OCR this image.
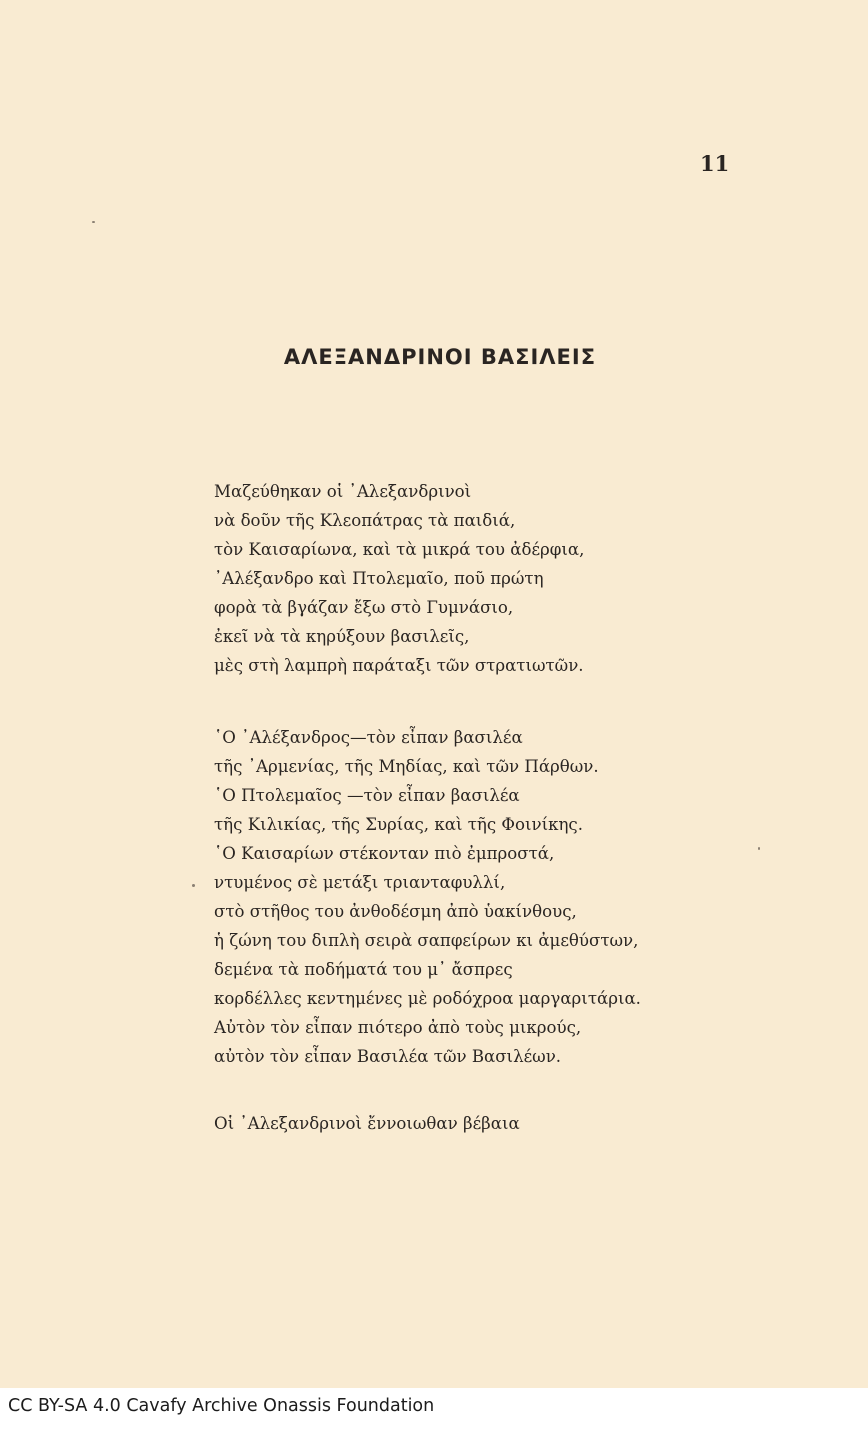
11
ΑΛΕΞΑΝΔΡΙΝΟΙ ΒΑΣΙΛΕΙΣ
Μαζεύθηκαν οἱ ᾿Αλεξανδρινοὶ
νὰ δοῦν τῆς Κλεοπάτρας τὰ παιδιά,
τὸν Καισαρίωνα, καὶ τὰ μικρά του ἀδέρφια,
᾿Αλέξανδρο καὶ Πτολεμαῖο, ποῦ πρώτη
φορὰ τὰ βγάζαν ἔξω στὸ Γυμνάσιο,
ἐκεῖ νὰ τὰ κηρύξουν βασιλεῖς,
μὲς στὴ λαμπρὴ παράταξι τῶν στρατιωτῶν.
῾Ο ᾿Αλέξανδρος—τὸν εἶπαν βασιλέα
τῆς ᾿Αρμενίας, τῆς Μηδίας, καὶ τῶν Πάρθων.
῾Ο Πτολεμαῖος —τὸν εἶπαν βασιλέα
τῆς Κιλικίας, τῆς Συρίας, καὶ τῆς Φοινίκης.
῾Ο Καισαρίων στέκονταν πιὸ ἐμπροστά,
ντυμένος σὲ μετάξι τριανταφυλλί,
στὸ στῆθος του ἀνθοδέσμη ἀπὸ ὑακίνθους,
ἡ ζώνη του διπλὴ σειρὰ σαπφείρων κι ἀμεθύστων,
δεμένα τὰ ποδήματά του μ᾿ ἄσπρες
κορδέλλες κεντημένες μὲ ροδόχροα μαργαριτάρια.
Αὐτὸν τὸν εἶπαν πιότερο ἀπὸ τοὺς μικρούς,
αὐτὸν τὸν εἶπαν Βασιλέα τῶν Βασιλέων.
Οἱ ᾿Αλεξανδρινοὶ ἔννοιωθαν βέβαια
CC BY-SA 4.0 Cavafy Archive Onassis Foundation
